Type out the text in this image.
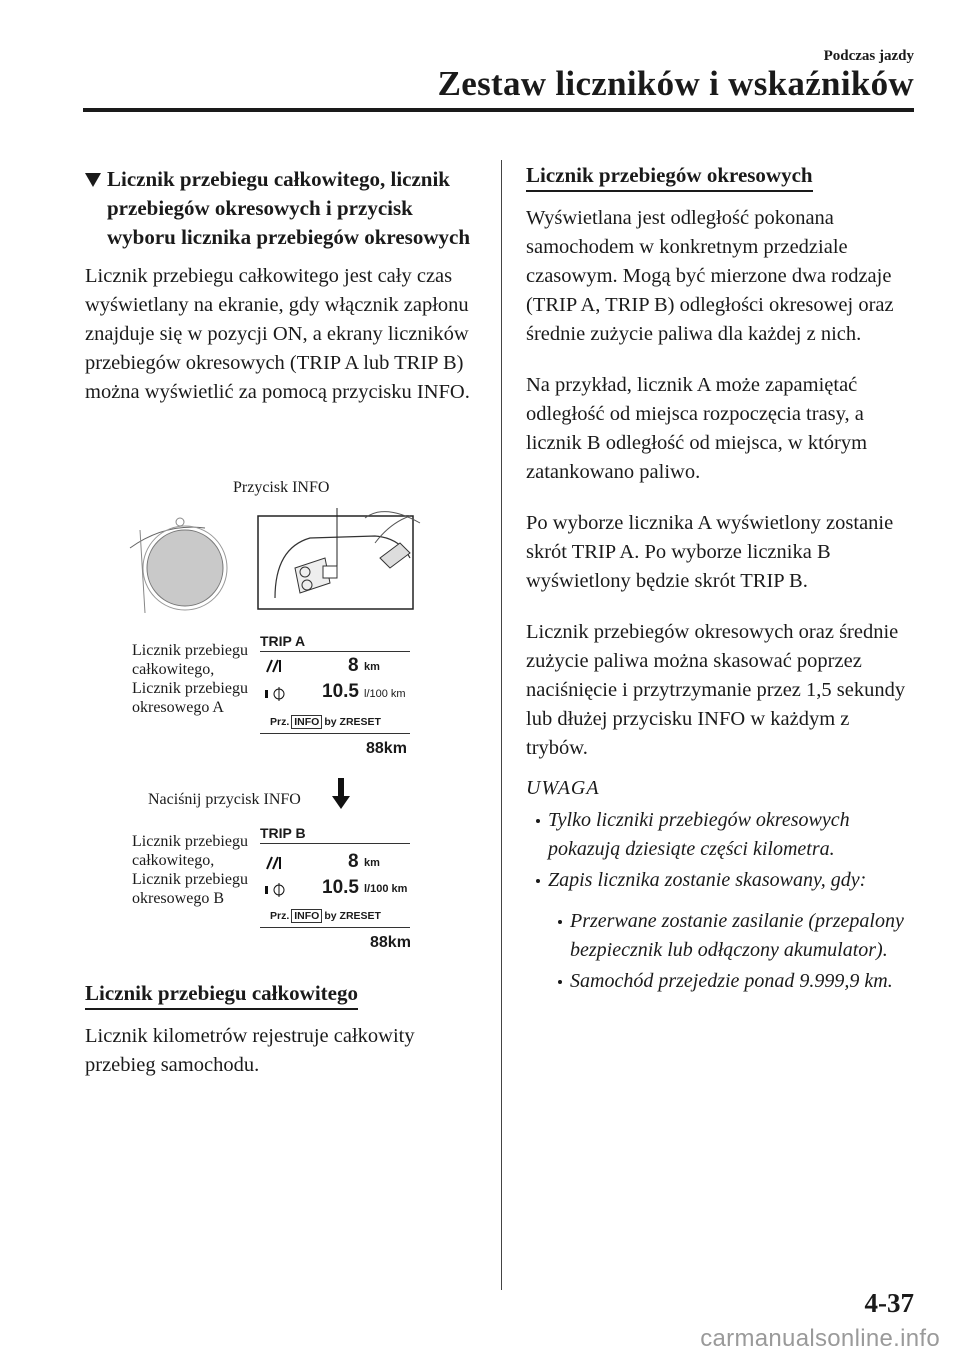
Podczas jazdy
Zestaw liczników i wskaźników
Licznik przebiegu całkowitego, licznik przebiegów okresowych i przycisk wyboru licznika przebiegów okresowych

Licznik przebiegu całkowitego jest cały czas wyświetlany na ekranie, gdy włącznik zapłonu znajduje się w pozycji ON, a ekrany liczników przebiegów okresowych (TRIP A lub TRIP B) można wyświetlić za pomocą przycisku INFO.

Przycisk INFO
Licznik przebiegu całkowitego, Licznik przebiegu okresowego A
TRIP A
8 km
10.5 l/100 km
Prz. INFO by ZRESET
88km
Naciśnij przycisk INFO
Licznik przebiegu całkowitego, Licznik przebiegu okresowego B
TRIP B
8 km
10.5 l/100 km
Prz. INFO by ZRESET
88km
Licznik przebiegu całkowitego

Licznik kilometrów rejestruje całkowity przebieg samochodu.

Licznik przebiegów okresowych

Wyświetlana jest odległość pokonana samochodem w konkretnym przedziale czasowym. Mogą być mierzone dwa rodzaje (TRIP A, TRIP B) odległości okresowej oraz średnie zużycie paliwa dla każdej z nich.

Na przykład, licznik A może zapamiętać odległość od miejsca rozpoczęcia trasy, a licznik B odległość od miejsca, w którym zatankowano paliwo.

Po wyborze licznika A wyświetlony zostanie skrót TRIP A. Po wyborze licznika B wyświetlony będzie skrót TRIP B.

Licznik przebiegów okresowych oraz średnie zużycie paliwa można skasować poprzez naciśnięcie i przytrzymanie przez 1,5 sekundy lub dłużej przycisku INFO w każdym z trybów.

UWAGA
Tylko liczniki przebiegów okresowych pokazują dziesiąte części kilometra.
Zapis licznika zostanie skasowany, gdy:
Przerwane zostanie zasilanie (przepalony bezpiecznik lub odłączony akumulator).
Samochód przejedzie ponad 9.999,9 km.
4-37
carmanualsonline.info
